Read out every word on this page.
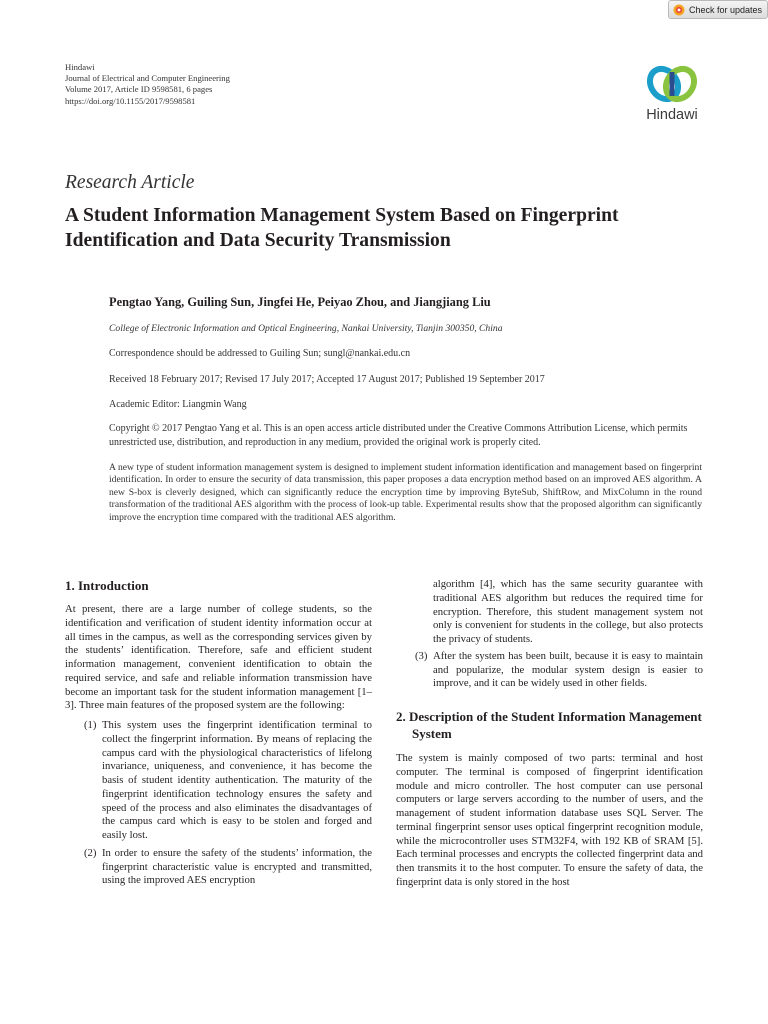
Check for updates
Hindawi
Journal of Electrical and Computer Engineering
Volume 2017, Article ID 9598581, 6 pages
https://doi.org/10.1155/2017/9598581
Hindawi
Research Article
A Student Information Management System Based on Fingerprint Identification and Data Security Transmission
Pengtao Yang, Guiling Sun, Jingfei He, Peiyao Zhou, and Jiangjiang Liu
College of Electronic Information and Optical Engineering, Nankai University, Tianjin 300350, China
Correspondence should be addressed to Guiling Sun; sungl@nankai.edu.cn
Received 18 February 2017; Revised 17 July 2017; Accepted 17 August 2017; Published 19 September 2017
Academic Editor: Liangmin Wang
Copyright © 2017 Pengtao Yang et al. This is an open access article distributed under the Creative Commons Attribution License, which permits unrestricted use, distribution, and reproduction in any medium, provided the original work is properly cited.
A new type of student information management system is designed to implement student information identification and management based on fingerprint identification. In order to ensure the security of data transmission, this paper proposes a data encryption method based on an improved AES algorithm. A new S-box is cleverly designed, which can significantly reduce the encryption time by improving ByteSub, ShiftRow, and MixColumn in the round transformation of the traditional AES algorithm with the process of look-up table. Experimental results show that the proposed algorithm can significantly improve the encryption time compared with the traditional AES algorithm.
1. Introduction

At present, there are a large number of college students, so the identification and verification of student identity information occur at all times in the campus, as well as the corresponding services given by the students’ identification. Therefore, safe and efficient student information management, convenient identification to obtain the required service, and safe and reliable information transmission have become an important task for the student information management [1–3]. Three main features of the proposed system are the following:

(1) This system uses the fingerprint identification terminal to collect the fingerprint information. By means of replacing the campus card with the physiological characteristics of lifelong invariance, uniqueness, and convenience, it has become the basis of student identity authentication. The maturity of the fingerprint identification technology ensures the safety and speed of the process and also eliminates the disadvantages of the campus card which is easy to be stolen and forged and easily lost.
(2) In order to ensure the safety of the students’ information, the fingerprint characteristic value is encrypted and transmitted, using the improved AES encryption

algorithm [4], which has the same security guarantee with traditional AES algorithm but reduces the required time for encryption. Therefore, this student management system not only is convenient for students in the college, but also protects the privacy of students.

(3) After the system has been built, because it is easy to maintain and popularize, the modular system design is easier to improve, and it can be widely used in other fields.
2. Description of the Student Information Management System

The system is mainly composed of two parts: terminal and host computer. The terminal is composed of fingerprint identification module and micro controller. The host computer can use personal computers or large servers according to the number of users, and the management of student information database uses SQL Server. The terminal fingerprint sensor uses optical fingerprint recognition module, while the microcontroller uses STM32F4, with 192 KB of SRAM [5]. Each terminal processes and encrypts the collected fingerprint data and then transmits it to the host computer. To ensure the safety of data, the fingerprint data is only stored in the host
